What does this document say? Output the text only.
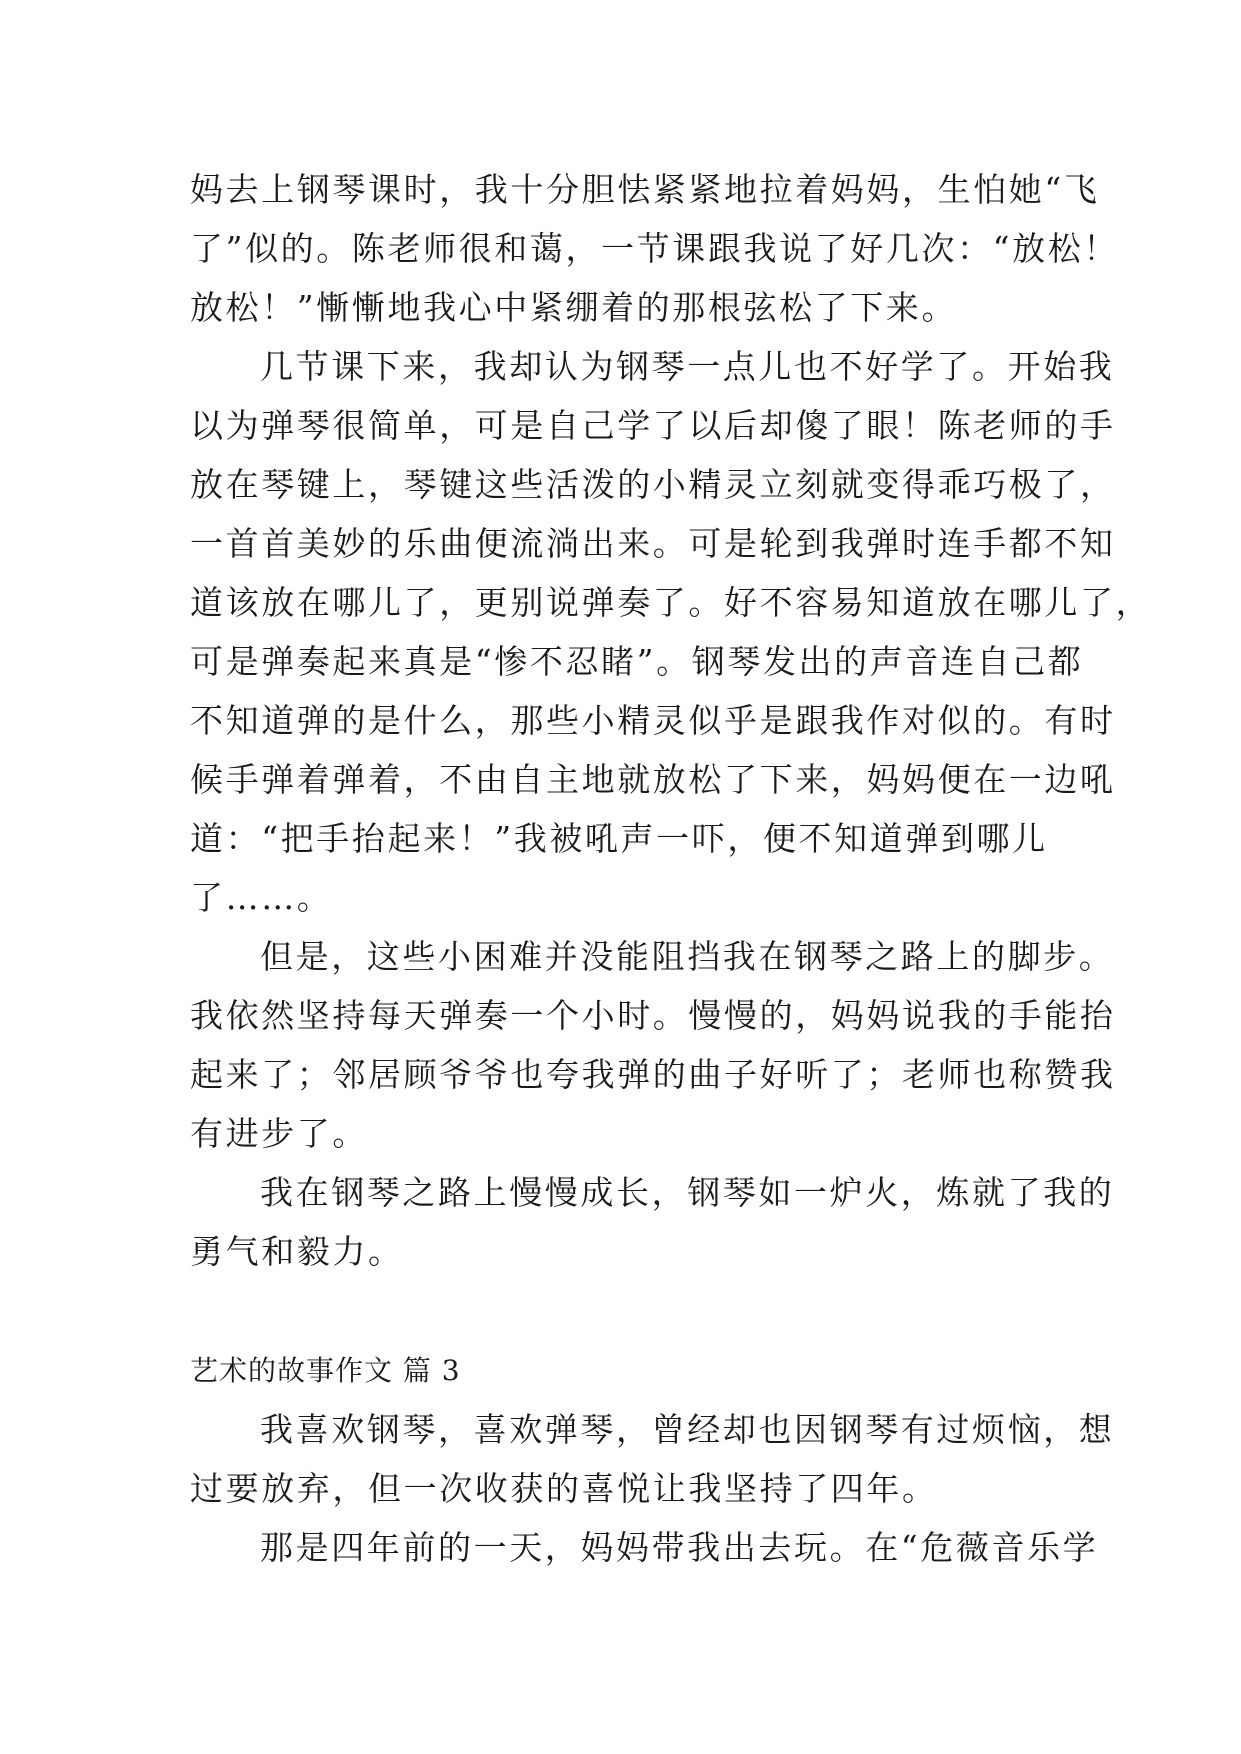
妈去上钢琴课时，我十分胆怯紧紧地拉着妈妈，生怕她“飞
了”似的。陈老师很和蔼，一节课跟我说了好几次：“放松！
放松！”慚慚地我心中紧绷着的那根弦松了下来。
几节课下来，我却认为钢琴一点儿也不好学了。开始我
以为弹琴很简单，可是自己学了以后却傻了眼！陈老师的手
放在琴键上，琴键这些活泼的小精灵立刻就变得乖巧极了，
一首首美妙的乐曲便流淌出来。可是轮到我弹时连手都不知
道该放在哪儿了，更别说弹奏了。好不容易知道放在哪儿了，
可是弹奏起来真是“惨不忍睹”。钢琴发出的声音连自己都
不知道弹的是什么，那些小精灵似乎是跟我作对似的。有时
候手弹着弹着，不由自主地就放松了下来，妈妈便在一边吼
道：“把手抬起来！”我被吼声一吓，便不知道弹到哪儿
了……。
但是，这些小困难并没能阻挡我在钢琴之路上的脚步。
我依然坚持每天弹奏一个小时。慢慢的，妈妈说我的手能抬
起来了；邻居顾爷爷也夸我弹的曲子好听了；老师也称赞我
有进步了。
我在钢琴之路上慢慢成长，钢琴如一炉火，炼就了我的
勇气和毅力。
艺术的故事作文 篇 3
我喜欢钢琴，喜欢弹琴，曾经却也因钢琴有过烦恼，想
过要放弃，但一次收获的喜悦让我坚持了四年。
那是四年前的一天，妈妈带我出去玩。在“危薇音乐学
